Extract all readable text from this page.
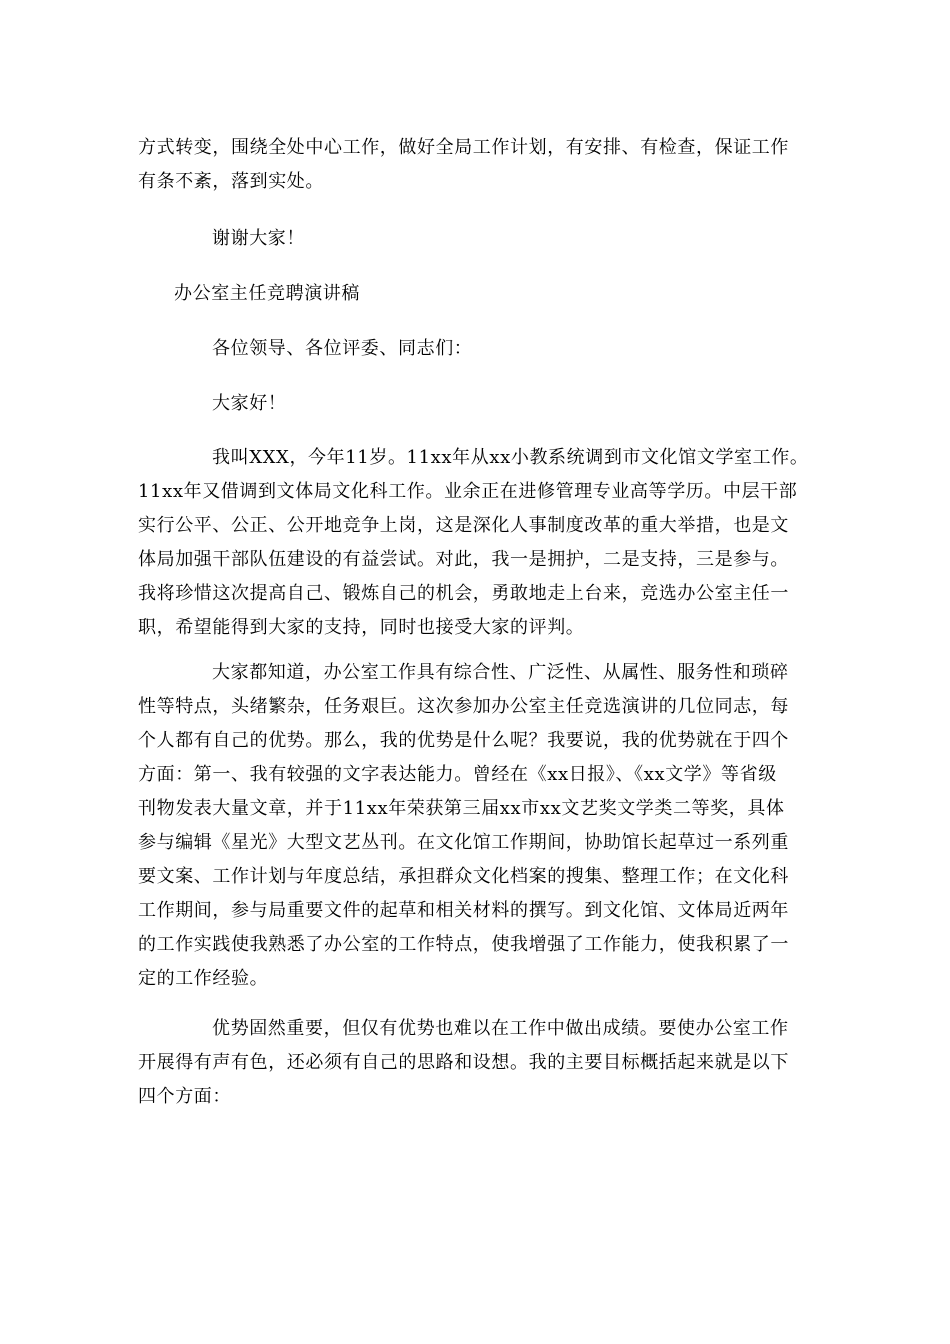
方式转变，围绕全处中心工作，做好全局工作计划，有安排、有检查，保证工作
有条不紊，落到实处。
谢谢大家！
办公室主任竞聘演讲稿
各位领导、各位评委、同志们：
大家好！
我叫XXX，今年11岁。11xx年从xx小教系统调到市文化馆文学室工作。
11xx年又借调到文体局文化科工作。业余正在进修管理专业高等学历。中层干部
实行公平、公正、公开地竞争上岗，这是深化人事制度改革的重大举措，也是文
体局加强干部队伍建设的有益尝试。对此，我一是拥护，二是支持，三是参与。
我将珍惜这次提高自己、锻炼自己的机会，勇敢地走上台来，竞选办公室主任一
职，希望能得到大家的支持，同时也接受大家的评判。
大家都知道，办公室工作具有综合性、广泛性、从属性、服务性和琐碎
性等特点，头绪繁杂，任务艰巨。这次参加办公室主任竞选演讲的几位同志，每
个人都有自己的优势。那么，我的优势是什么呢？我要说，我的优势就在于四个
方面：第一、我有较强的文字表达能力。曾经在《xx日报》、《xx文学》等省级
刊物发表大量文章，并于11xx年荣获第三届xx市xx文艺奖文学类二等奖，具体
参与编辑《星光》大型文艺丛刊。在文化馆工作期间，协助馆长起草过一系列重
要文案、工作计划与年度总结，承担群众文化档案的搜集、整理工作；在文化科
工作期间，参与局重要文件的起草和相关材料的撰写。到文化馆、文体局近两年
的工作实践使我熟悉了办公室的工作特点，使我增强了工作能力，使我积累了一
定的工作经验。
优势固然重要，但仅有优势也难以在工作中做出成绩。要使办公室工作
开展得有声有色，还必须有自己的思路和设想。我的主要目标概括起来就是以下
四个方面：
